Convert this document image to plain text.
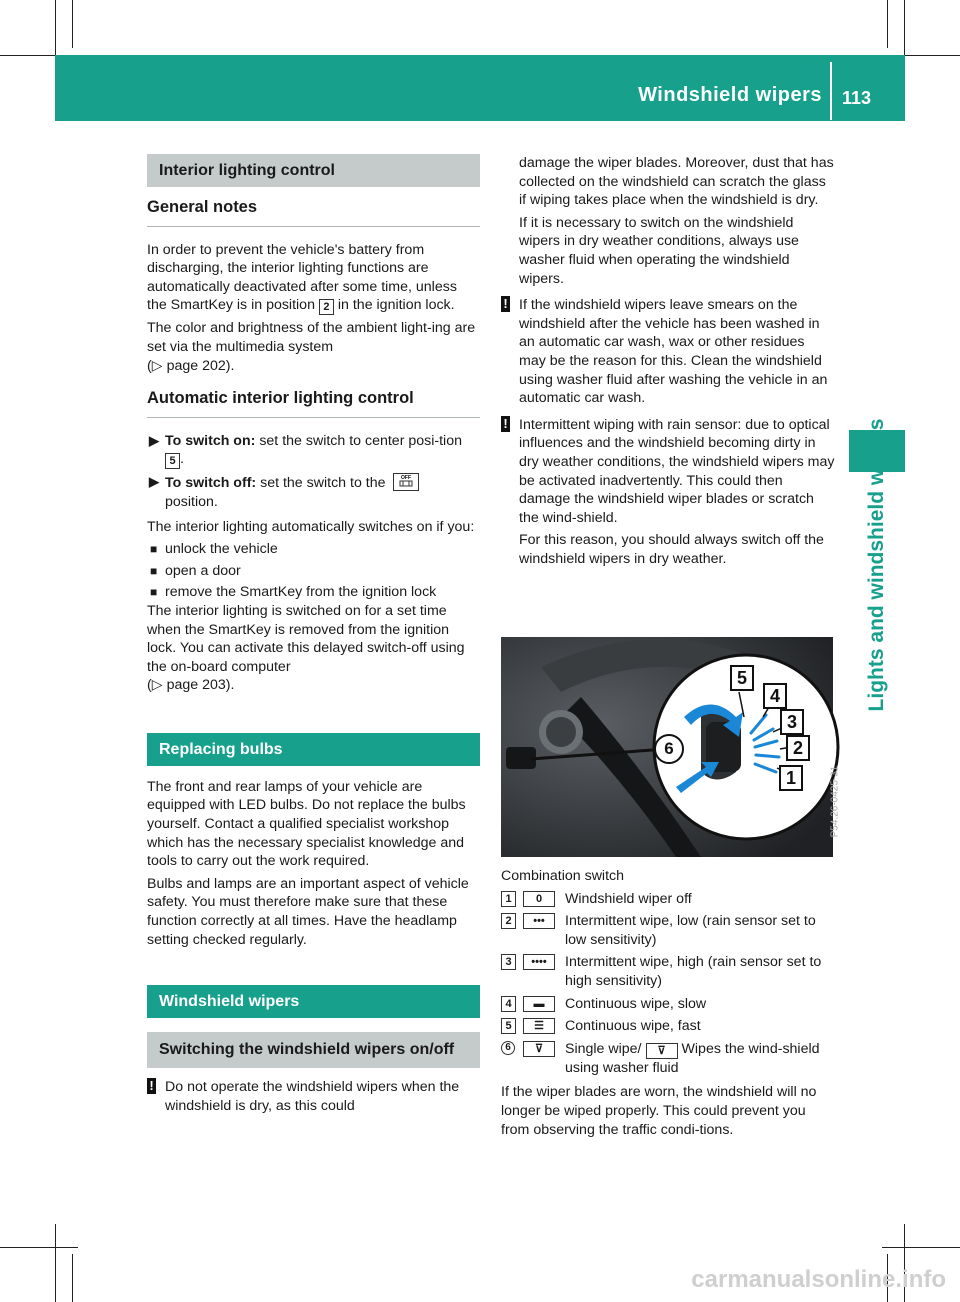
Windshield wipers 113
Lights and windshield wipers
Interior lighting control
General notes

In order to prevent the vehicle's battery from discharging, the interior lighting functions are automatically deactivated after some time, unless the SmartKey is in position 2 in the ignition lock.

The color and brightness of the ambient light-ing are set via the multimedia system
(▷ page 202).

Automatic interior lighting control
▶ To switch on: set the switch to center posi-tion 5 .
▶ To switch off: set the switch to the	OFF

position.

The interior lighting automatically switches on if you:

■ unlock the vehicle
■ open a door
■ remove the SmartKey from the ignition lock

The interior lighting is switched on for a set time when the SmartKey is removed from the ignition lock. You can activate this delayed switch-off using the on-board computer
(▷ page 203).

Replacing bulbs

The front and rear lamps of your vehicle are equipped with LED bulbs. Do not replace the bulbs yourself. Contact a qualified specialist workshop which has the necessary specialist knowledge and tools to carry out the work required.

Bulbs and lamps are an important aspect of vehicle safety. You must therefore make sure that these function correctly at all times. Have the headlamp setting checked regularly.

Windshield wipers
Switching the windshield wipers on/off
! Do not operate the windshield wipers when the windshield is dry, as this could

damage the wiper blades. Moreover, dust that has collected on the windshield can scratch the glass if wiping takes place when the windshield is dry.

If it is necessary to switch on the windshield wipers in dry weather conditions, always use washer fluid when operating the windshield wipers.

! If the windshield wipers leave smears on the windshield after the vehicle has been washed in an automatic car wash, wax or other residues may be the reason for this. Clean the windshield using washer fluid after washing the vehicle in an automatic car wash.
! Intermittent wiping with rain sensor: due to optical influences and the windshield becoming dirty in dry weather conditions, the windshield wipers may be activated inadvertently. This could then damage the windshield wiper blades or scratch the wind-shield.

For this reason, you should always switch off the windshield wipers in dry weather.

5
4
3
2
1
6
P54.26-0425-31

Combination switch

1	0	Windshield wiper off
2	•••	Intermittent wipe, low (rain sensor set to low sensitivity)
3	••••	Intermittent wipe, high (rain sensor set to high sensitivity)
4	▬	Continuous wipe, slow
5	☰	Continuous wipe, fast
6	⊽	Single wipe/ ⊽ Wipes the wind-shield using washer fluid

If the wiper blades are worn, the windshield will no longer be wiped properly. This could prevent you from observing the traffic condi-tions.

carmanualsonline.info
